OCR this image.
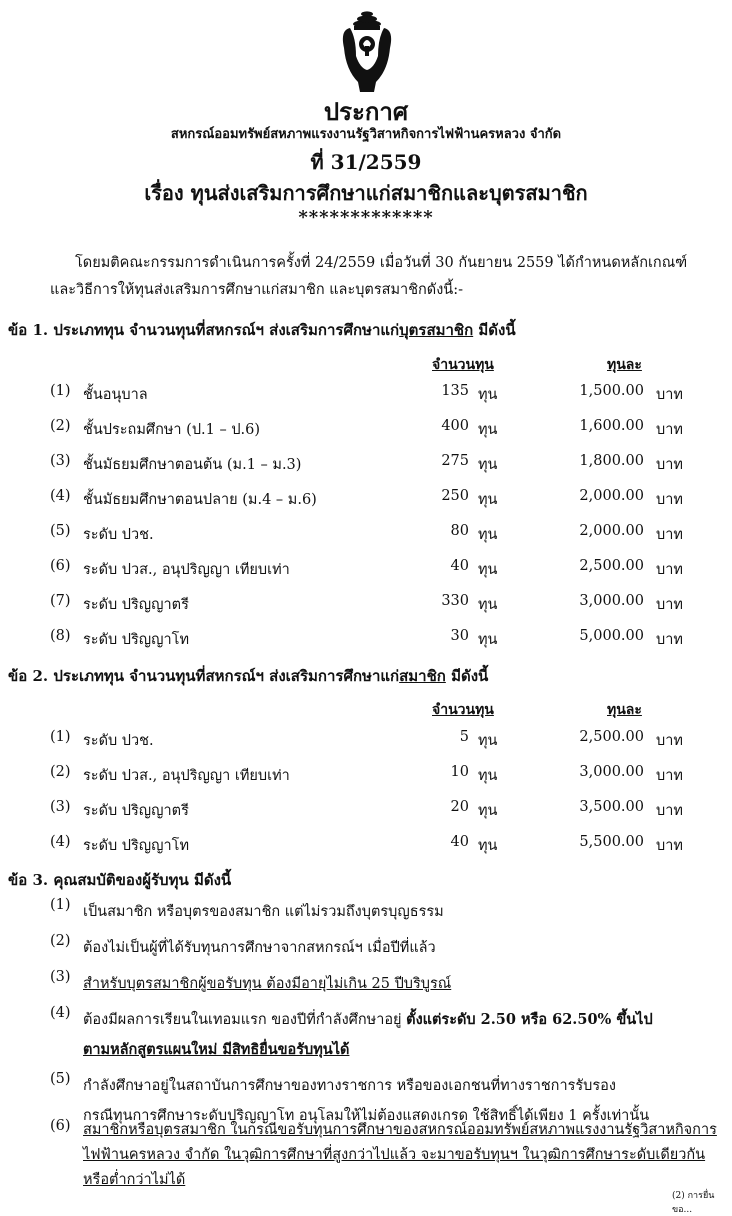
ประกาศ
สหกรณ์ออมทรัพย์สหภาพแรงงานรัฐวิสาหกิจการไฟฟ้านครหลวง จำกัด
ที่ 31/2559
เรื่อง ทุนส่งเสริมการศึกษาแก่สมาชิกและบุตรสมาชิก
*************
โดยมติคณะกรรมการดำเนินการครั้งที่ 24/2559 เมื่อวันที่ 30 กันยายน 2559 ได้กำหนดหลักเกณฑ์ และวิธีการให้ทุนส่งเสริมการศึกษาแก่สมาชิก และบุตรสมาชิกดังนี้:-
ข้อ 1. ประเภททุน จำนวนทุนที่สหกรณ์ฯ ส่งเสริมการศึกษาแก่บุตรสมาชิก มีดังนี้
จำนวนทุน	ทุนละ
(1) ชั้นอนุบาล	135 ทุน	1,500.00 บาท
(2) ชั้นประถมศึกษา (ป.1 – ป.6)	400 ทุน	1,600.00 บาท
(3) ชั้นมัธยมศึกษาตอนต้น (ม.1 – ม.3)	275 ทุน	1,800.00 บาท
(4) ชั้นมัธยมศึกษาตอนปลาย (ม.4 – ม.6)	250 ทุน	2,000.00 บาท
(5) ระดับ ปวช.	80 ทุน	2,000.00 บาท
(6) ระดับ ปวส., อนุปริญญา เทียบเท่า	40 ทุน	2,500.00 บาท
(7) ระดับ ปริญญาตรี	330 ทุน	3,000.00 บาท
(8) ระดับ ปริญญาโท	30 ทุน	5,000.00 บาท
ข้อ 2. ประเภททุน จำนวนทุนที่สหกรณ์ฯ ส่งเสริมการศึกษาแก่สมาชิก มีดังนี้
จำนวนทุน	ทุนละ
(1) ระดับ ปวช.	5 ทุน	2,500.00 บาท
(2) ระดับ ปวส., อนุปริญญา เทียบเท่า	10 ทุน	3,000.00 บาท
(3) ระดับ ปริญญาตรี	20 ทุน	3,500.00 บาท
(4) ระดับ ปริญญาโท	40 ทุน	5,500.00 บาท
ข้อ 3. คุณสมบัติของผู้รับทุน มีดังนี้
(1) เป็นสมาชิก หรือบุตรของสมาชิก แต่ไม่รวมถึงบุตรบุญธรรม
(2) ต้องไม่เป็นผู้ที่ได้รับทุนการศึกษาจากสหกรณ์ฯ เมื่อปีที่แล้ว
(3) สำหรับบุตรสมาชิกผู้ขอรับทุน ต้องมีอายุไม่เกิน 25 ปีบริบูรณ์
(4) ต้องมีผลการเรียนในเทอมแรก ของปีที่กำลังศึกษาอยู่ ตั้งแต่ระดับ 2.50 หรือ 62.50% ขึ้นไป
ตามหลักสูตรแผนใหม่ มีสิทธิยื่นขอรับทุนได้
(5) กำลังศึกษาอยู่ในสถาบันการศึกษาของทางราชการ หรือของเอกชนที่ทางราชการรับรอง
กรณีทุนการศึกษาระดับปริญญาโท อนุโลมให้ไม่ต้องแสดงเกรด ใช้สิทธิ์ได้เพียง 1 ครั้งเท่านั้น
(6) สมาชิกหรือบุตรสมาชิก ในกรณีขอรับทุนการศึกษาของสหกรณ์ออมทรัพย์สหภาพแรงงานรัฐวิสาหกิจการ
ไฟฟ้านครหลวง จำกัด ในวุฒิการศึกษาที่สูงกว่าไปแล้ว จะมาขอรับทุนฯ ในวุฒิการศึกษาระดับเดียวกัน
หรือต่ำกว่าไม่ได้
(2) การยื่นขอ...
